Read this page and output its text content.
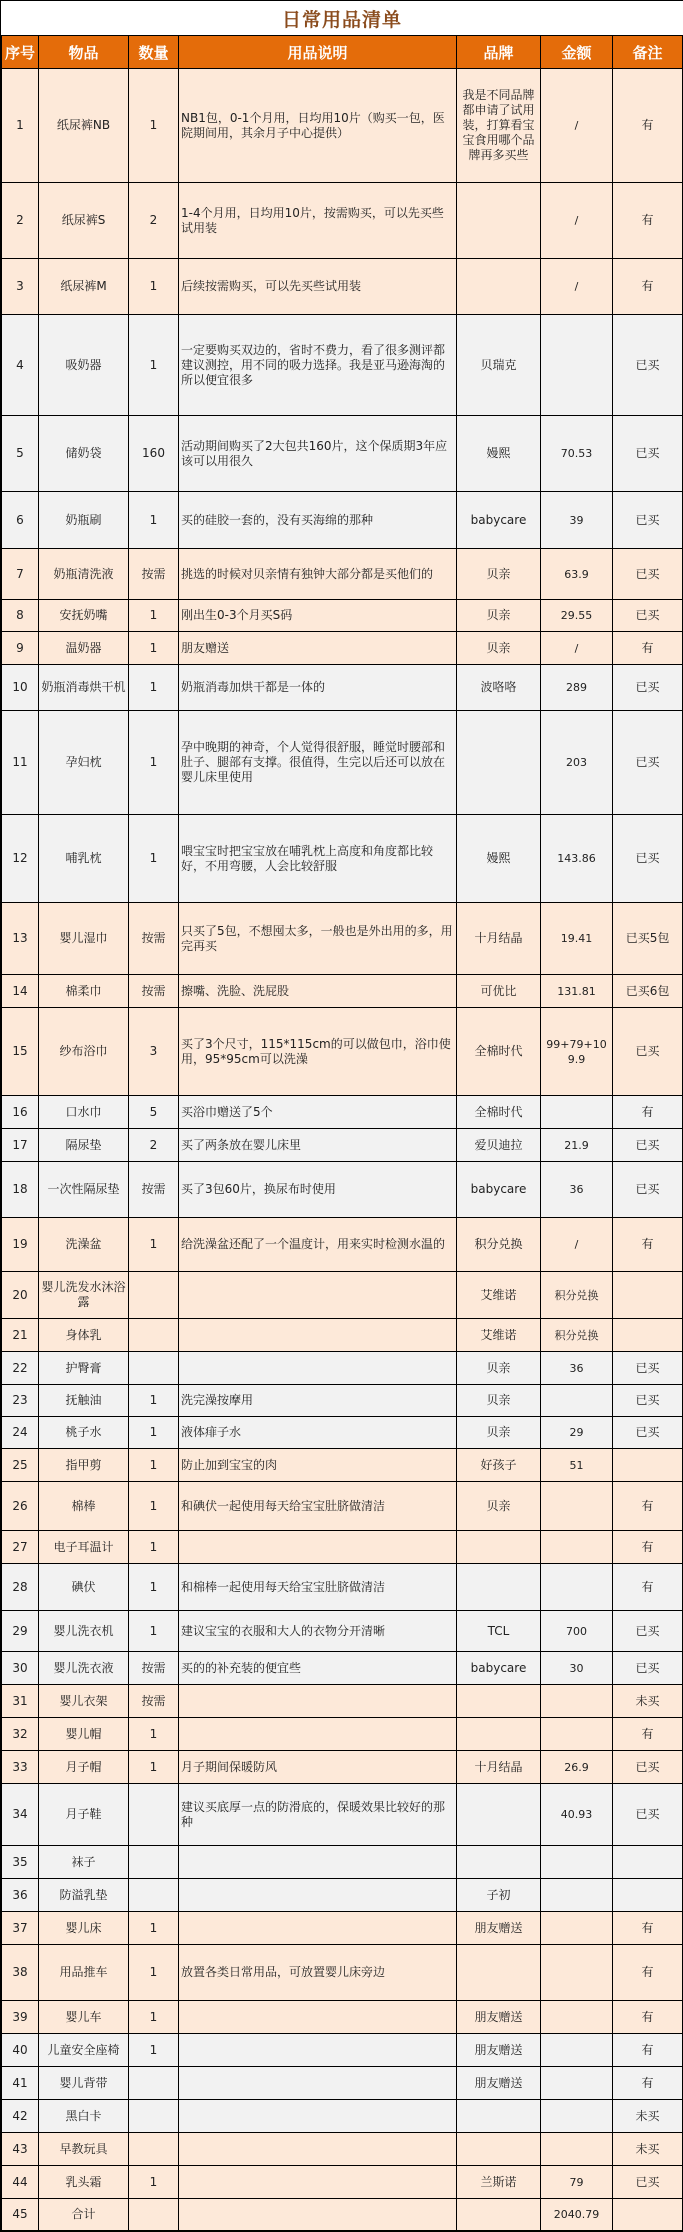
日常用品清单						
序号	物品	数量	用品说明	品牌	金额	备注
1	纸尿裤NB	1	NB1包，0-1个月用，日均用10片（购买一包，医院期间用，其余月子中心提供）	我是不同品牌都申请了试用装，打算看宝宝食用哪个品牌再多买些	/	有
2	纸尿裤S	2	1-4个月用，日均用10片，按需购买，可以先买些试用装		/	有
3	纸尿裤M	1	后续按需购买，可以先买些试用装		/	有
4	吸奶器	1	一定要购买双边的，省时不费力，看了很多测评都建议测控，用不同的吸力选择。我是亚马逊海淘的所以便宜很多	贝瑞克		已买
5	储奶袋	160	活动期间购买了2大包共160片，这个保质期3年应该可以用很久	嫚熙	70.53	已买
6	奶瓶刷	1	买的硅胶一套的，没有买海绵的那种	babycare	39	已买
7	奶瓶清洗液	按需	挑选的时候对贝亲情有独钟大部分都是买他们的	贝亲	63.9	已买
8	安抚奶嘴	1	刚出生0-3个月买S码	贝亲	29.55	已买
9	温奶器	1	朋友赠送	贝亲	/	有
10	奶瓶消毒烘干机	1	奶瓶消毒加烘干都是一体的	波咯咯	289	已买
11	孕妇枕	1	孕中晚期的神奇，个人觉得很舒服，睡觉时腰部和肚子、腿部有支撑。很值得，生完以后还可以放在婴儿床里使用		203	已买
12	哺乳枕	1	喂宝宝时把宝宝放在哺乳枕上高度和角度都比较好，不用弯腰，人会比较舒服	嫚熙	143.86	已买
13	婴儿湿巾	按需	只买了5包，不想囤太多，一般也是外出用的多，用完再买	十月结晶	19.41	已买5包
14	棉柔巾	按需	擦嘴、洗脸、洗屁股	可优比	131.81	已买6包
15	纱布浴巾	3	买了3个尺寸，115*115cm的可以做包巾，浴巾使用，95*95cm可以洗澡	全棉时代	99+79+109.9	已买
16	口水巾	5	买浴巾赠送了5个	全棉时代		有
17	隔尿垫	2	买了两条放在婴儿床里	爱贝迪拉	21.9	已买
18	一次性隔尿垫	按需	买了3包60片，换尿布时使用	babycare	36	已买
19	洗澡盆	1	给洗澡盆还配了一个温度计，用来实时检测水温的	积分兑换	/	有
20	婴儿洗发水沐浴露			艾维诺	积分兑换	
21	身体乳			艾维诺	积分兑换	
22	护臀膏			贝亲	36	已买
23	抚触油	1	洗完澡按摩用	贝亲		已买
24	桃子水	1	液体痱子水	贝亲	29	已买
25	指甲剪	1	防止加到宝宝的肉	好孩子	51	
26	棉棒	1	和碘伏一起使用每天给宝宝肚脐做清洁	贝亲		有
27	电子耳温计	1				有
28	碘伏	1	和棉棒一起使用每天给宝宝肚脐做清洁			有
29	婴儿洗衣机	1	建议宝宝的衣服和大人的衣物分开清晰	TCL	700	已买
30	婴儿洗衣液	按需	买的的补充装的便宜些	babycare	30	已买
31	婴儿衣架	按需				未买
32	婴儿帽	1				有
33	月子帽	1	月子期间保暖防风	十月结晶	26.9	已买
34	月子鞋		建议买底厚一点的防滑底的，保暖效果比较好的那种		40.93	已买
35	袜子					
36	防溢乳垫			子初		
37	婴儿床	1		朋友赠送		有
38	用品推车	1	放置各类日常用品，可放置婴儿床旁边			有
39	婴儿车	1		朋友赠送		有
40	儿童安全座椅	1		朋友赠送		有
41	婴儿背带			朋友赠送		有
42	黑白卡					未买
43	早教玩具					未买
44	乳头霜	1		兰斯诺	79	已买
45	合计				2040.79	
